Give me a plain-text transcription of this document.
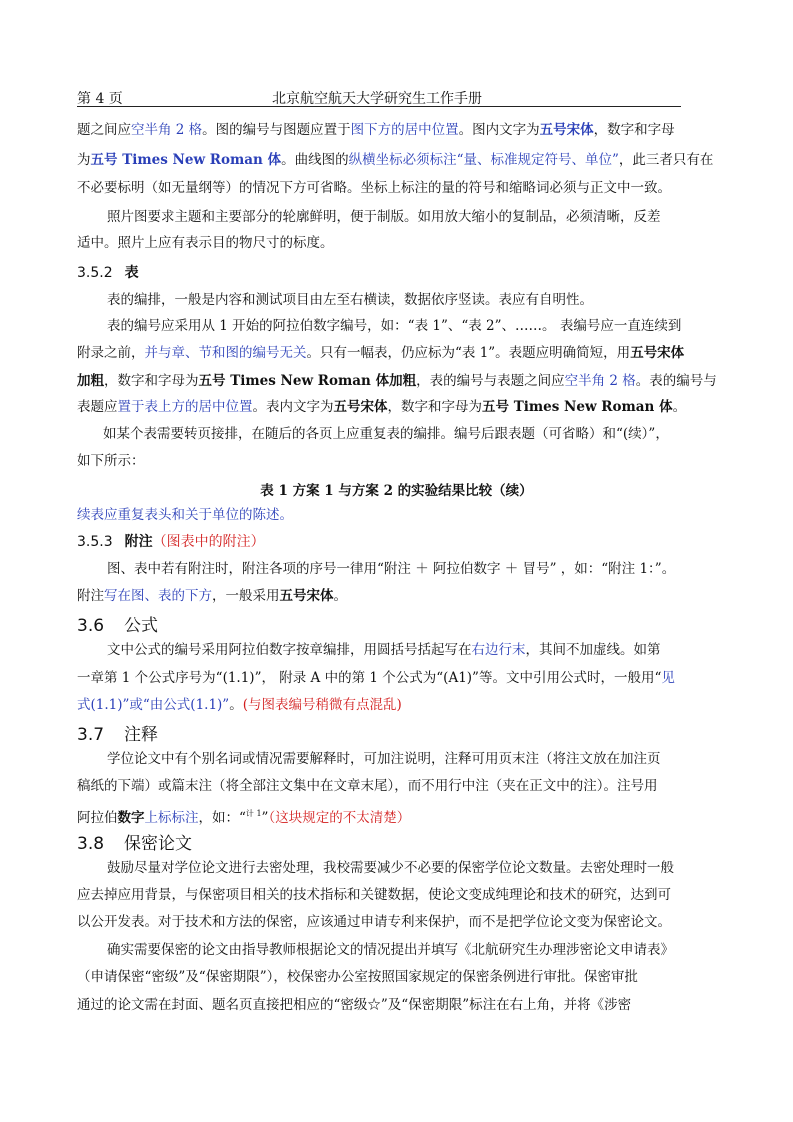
第 4 页	北京航空航天大学研究生工作手册
题之间应空半角 2 格。图的编号与图题应置于图下方的居中位置。图内文字为五号宋体，数字和字母
为五号 Times New Roman 体。曲线图的纵横坐标必须标注“量、标准规定符号、单位”，此三者只有在
不必要标明（如无量纲等）的情况下方可省略。坐标上标注的量的符号和缩略词必须与正文中一致。
照片图要求主题和主要部分的轮廓鲜明，便于制版。如用放大缩小的复制品，必须清晰，反差
适中。照片上应有表示目的物尺寸的标度。
3.5.2 表
表的编排，一般是内容和测试项目由左至右横读，数据依序竖读。表应有自明性。
表的编号应采用从 1 开始的阿拉伯数字编号，如：“表 1”、“表 2”、……。 表编号应一直连续到
附录之前，并与章、节和图的编号无关。只有一幅表，仍应标为“表 1”。表题应明确简短，用五号宋体
加粗，数字和字母为五号 Times New Roman 体加粗，表的编号与表题之间应空半角 2 格。表的编号与
表题应置于表上方的居中位置。表内文字为五号宋体，数字和字母为五号 Times New Roman 体。
如某个表需要转页接排，在随后的各页上应重复表的编排。编号后跟表题（可省略）和“(续）”，
如下所示：
表 1 方案 1 与方案 2 的实验结果比较（续）
续表应重复表头和关于单位的陈述。
3.5.3 附注（图表中的附注）
图、表中若有附注时，附注各项的序号一律用“附注 ＋ 阿拉伯数字 ＋ 冒号” ，如：“附注 1：”。
附注写在图、表的下方，一般采用五号宋体。
3.6 公式
文中公式的编号采用阿拉伯数字按章编排，用圆括号括起写在右边行末，其间不加虚线。如第
一章第 1 个公式序号为“(1.1)”， 附录 A 中的第 1 个公式为“(A1)”等。文中引用公式时，一般用“见
式(1.1)”或“由公式(1.1)”。(与图表编号稍微有点混乱)
3.7 注释
学位论文中有个别名词或情况需要解释时，可加注说明，注释可用页末注（将注文放在加注页
稿纸的下端）或篇末注（将全部注文集中在文章末尾），而不用行中注（夹在正文中的注）。注号用
阿拉伯数字上标标注，如：“$^{计 1}$”（这块规定的不太清楚）
3.8 保密论文
鼓励尽量对学位论文进行去密处理，我校需要减少不必要的保密学位论文数量。去密处理时一般
应去掉应用背景，与保密项目相关的技术指标和关键数据，使论文变成纯理论和技术的研究，达到可
以公开发表。对于技术和方法的保密，应该通过申请专利来保护，而不是把学位论文变为保密论文。
确实需要保密的论文由指导教师根据论文的情况提出并填写《北航研究生办理涉密论文申请表》
（申请保密“密级”及“保密期限”），校保密办公室按照国家规定的保密条例进行审批。保密审批
通过的论文需在封面、题名页直接把相应的“密级☆”及“保密期限”标注在右上角，并将《涉密
